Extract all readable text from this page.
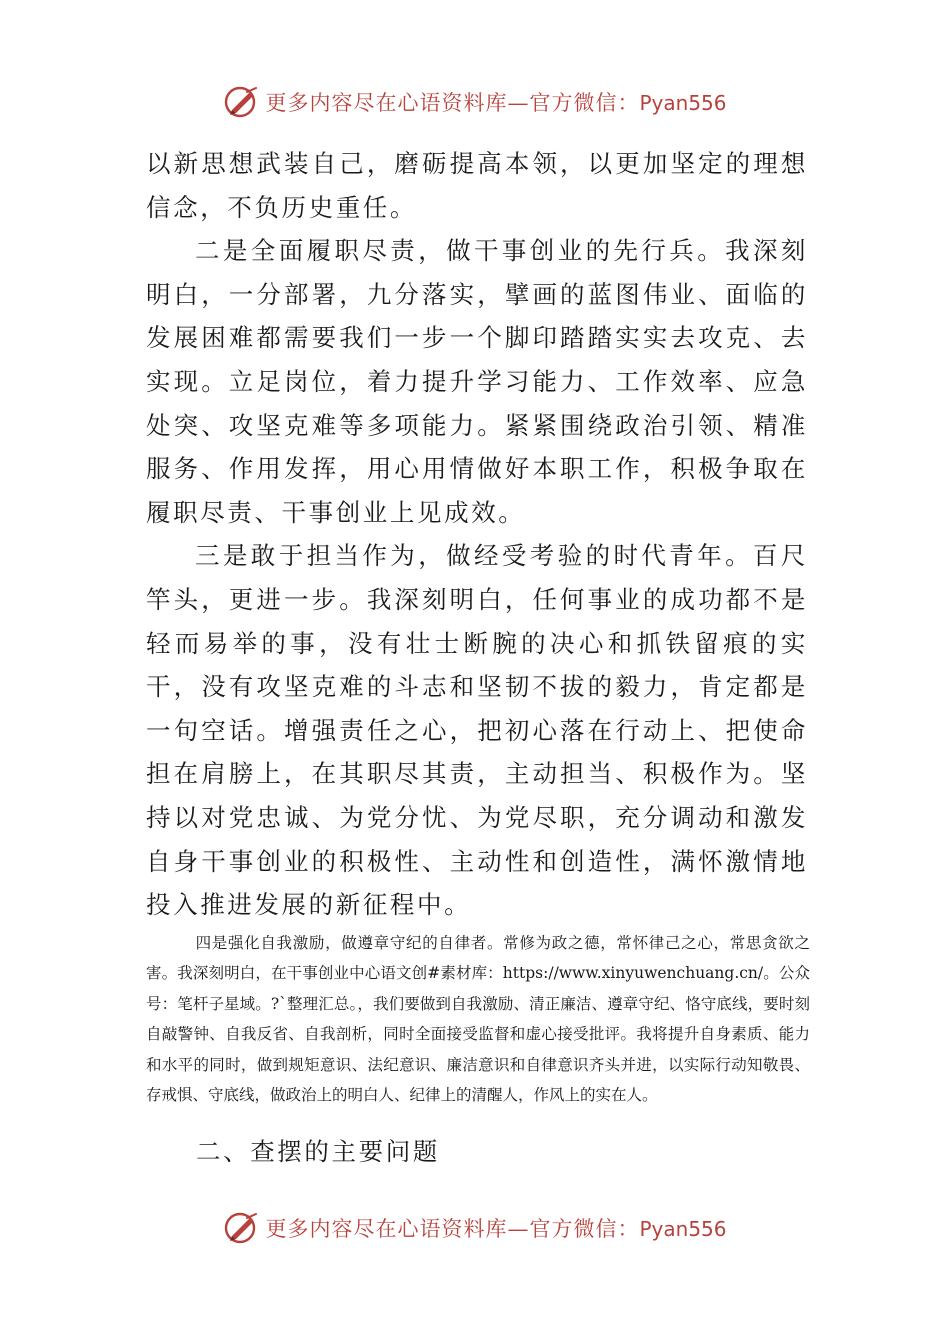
更多内容尽在心语资料库—官方微信：Pyan556

以新思想武装自己，磨砺提高本领，以更加坚定的理想信念，不负历史重任。

二是全面履职尽责，做干事创业的先行兵。我深刻明白，一分部署，九分落实，擘画的蓝图伟业、面临的发展困难都需要我们一步一个脚印踏踏实实去攻克、去实现。立足岗位，着力提升学习能力、工作效率、应急处突、攻坚克难等多项能力。紧紧围绕政治引领、精准服务、作用发挥，用心用情做好本职工作，积极争取在履职尽责、干事创业上见成效。

三是敢于担当作为，做经受考验的时代青年。百尺竿头，更进一步。我深刻明白，任何事业的成功都不是轻而易举的事，没有壮士断腕的决心和抓铁留痕的实干，没有攻坚克难的斗志和坚韧不拔的毅力，肯定都是一句空话。增强责任之心，把初心落在行动上、把使命担在肩膀上，在其职尽其责，主动担当、积极作为。坚持以对党忠诚、为党分忧、为党尽职，充分调动和激发自身干事创业的积极性、主动性和创造性，满怀激情地投入推进发展的新征程中。

四是强化自我激励，做遵章守纪的自律者。常修为政之德，常怀律己之心，常思贪欲之害。我深刻明白，在干事创业中心语文创#素材库：https://www.xinyuwenchuang.cn/。公众号：笔杆子星域。?`整理汇总。，我们要做到自我激励、清正廉洁、遵章守纪、恪守底线，要时刻自敲警钟、自我反省、自我剖析，同时全面接受监督和虚心接受批评。我将提升自身素质、能力和水平的同时，做到规矩意识、法纪意识、廉洁意识和自律意识齐头并进，以实际行动知敬畏、存戒惧、守底线，做政治上的明白人、纪律上的清醒人，作风上的实在人。

二、查摆的主要问题
更多内容尽在心语资料库—官方微信：Pyan556
